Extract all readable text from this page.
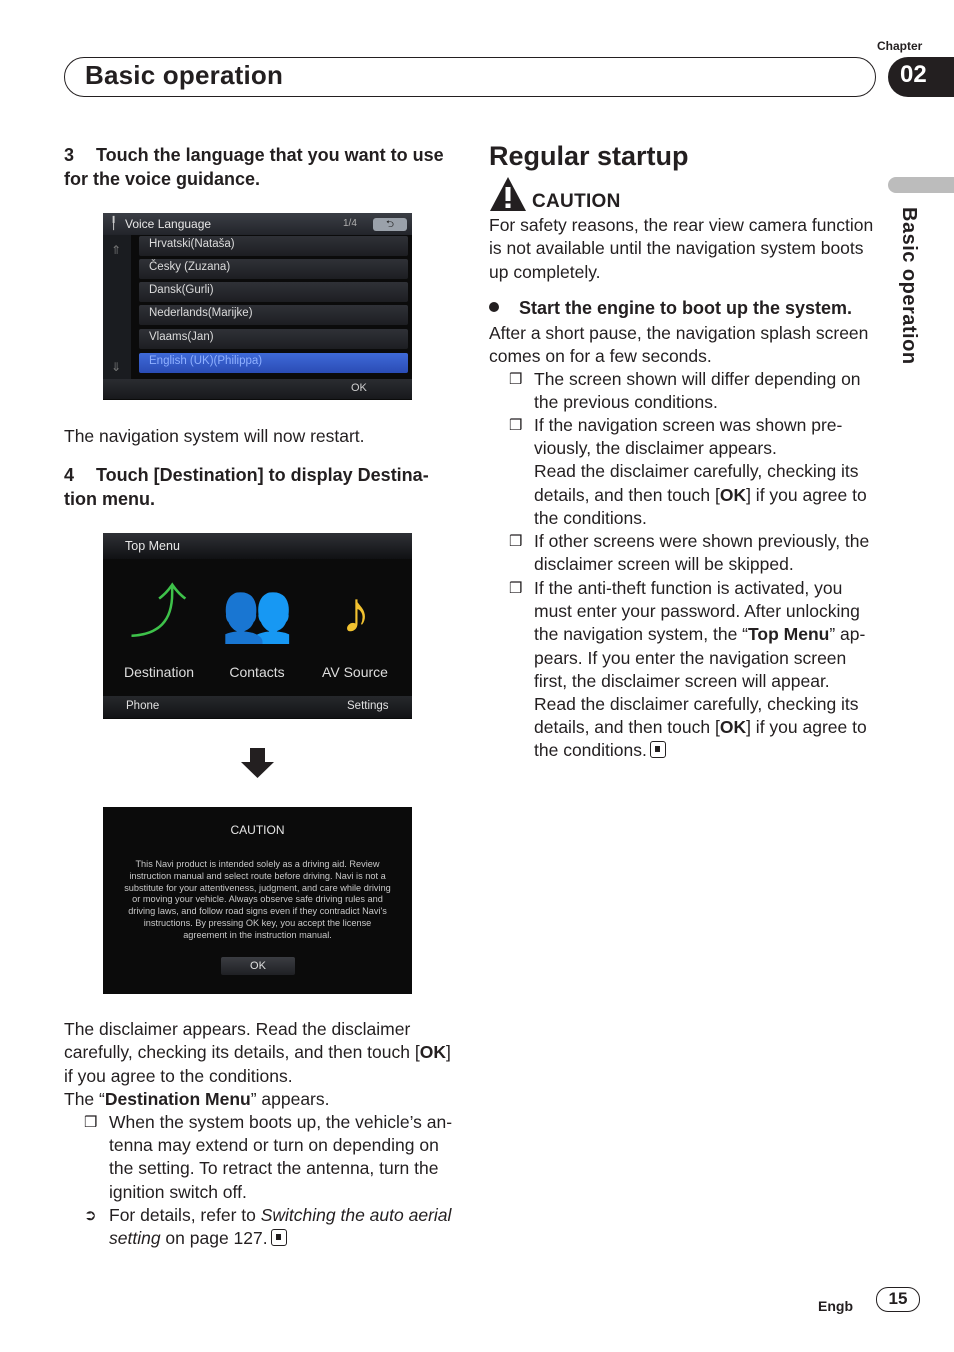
Chapter
Basic operation	02
Basic operation
3 Touch the language that you want to use for the voice guidance.
╿ Voice Language	1/4	⮌
⇑
⇓
Hrvatski(Nataša)
Česky (Zuzana)
Dansk(Gurli)
Nederlands(Marijke)
Vlaams(Jan)
English (UK)(Philippa)
OK
The navigation system will now restart.
4 Touch [Destination] to display Destina-
tion menu.
Top Menu
⤴ 👥 ♪
Destination	Contacts	AV Source
Phone	Settings
CAUTION
This Navi product is intended solely as a driving aid. Review instruction manual and select route before driving. Navi is not a substitute for your attentiveness, judgment, and care while driving or moving your vehicle. Always observe safe driving rules and driving laws, and follow road signs even if they contradict Navi's instructions. By pressing OK key, you accept the license agreement in the instruction manual.
OK
The disclaimer appears. Read the disclaimer carefully, checking its details, and then touch [OK] if you agree to the conditions.
The “Destination Menu” appears.
❒ When the system boots up, the vehicle’s an-tenna may extend or turn on depending on the setting. To retract the antenna, turn the ignition switch off.
➲ For details, refer to Switching the auto aerial setting on page 127.
Regular startup
CAUTION
For safety reasons, the rear view camera function is not available until the navigation system boots up completely.
Start the engine to boot up the system.
After a short pause, the navigation splash screen comes on for a few seconds.
❒ The screen shown will differ depending on the previous conditions.
❒ If the navigation screen was shown pre-viously, the disclaimer appears.
Read the disclaimer carefully, checking its details, and then touch [OK] if you agree to the conditions.
❒ If other screens were shown previously, the disclaimer screen will be skipped.
❒ If the anti-theft function is activated, you must enter your password. After unlocking the navigation system, the “Top Menu” ap-pears. If you enter the navigation screen first, the disclaimer screen will appear.
Read the disclaimer carefully, checking its details, and then touch [OK] if you agree to the conditions.
Engb	15
